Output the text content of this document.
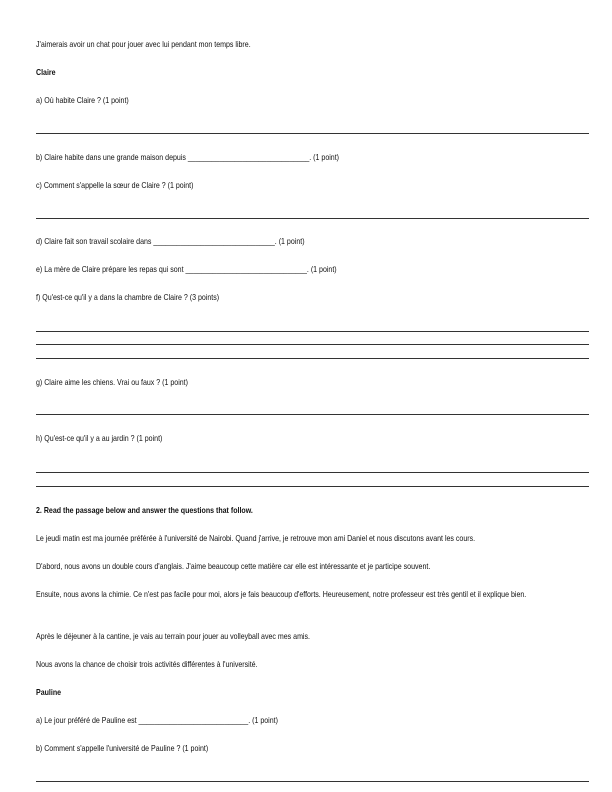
J'aimerais avoir un chat pour jouer avec lui pendant mon temps libre.
Claire
a) Où habite Claire ? (1 point)
b) Claire habite dans une grande maison depuis _______________________________. (1 point)
c) Comment s'appelle la sœur de Claire ? (1 point)
d) Claire fait son travail scolaire dans _______________________________. (1 point)
e) La mère de Claire prépare les repas qui sont _______________________________. (1 point)
f) Qu'est-ce qu'il y a dans la chambre de Claire ? (3 points)
g) Claire aime les chiens. Vrai ou faux ? (1 point)
h) Qu'est-ce qu'il y a au jardin ? (1 point)
2. Read the passage below and answer the questions that follow.
Le jeudi matin est ma journée préférée à l'université de Nairobi. Quand j'arrive, je retrouve mon ami Daniel et nous discutons avant les cours.
D'abord, nous avons un double cours d'anglais. J'aime beaucoup cette matière car elle est intéressante et je participe souvent.
Ensuite, nous avons la chimie. Ce n'est pas facile pour moi, alors je fais beaucoup d'efforts. Heureusement, notre professeur est très gentil et il explique bien.
Après le déjeuner à la cantine, je vais au terrain pour jouer au volleyball avec mes amis.
Nous avons la chance de choisir trois activités différentes à l'université.
Pauline
a) Le jour préféré de Pauline est ____________________________. (1 point)
b) Comment s'appelle l'université de Pauline ? (1 point)
